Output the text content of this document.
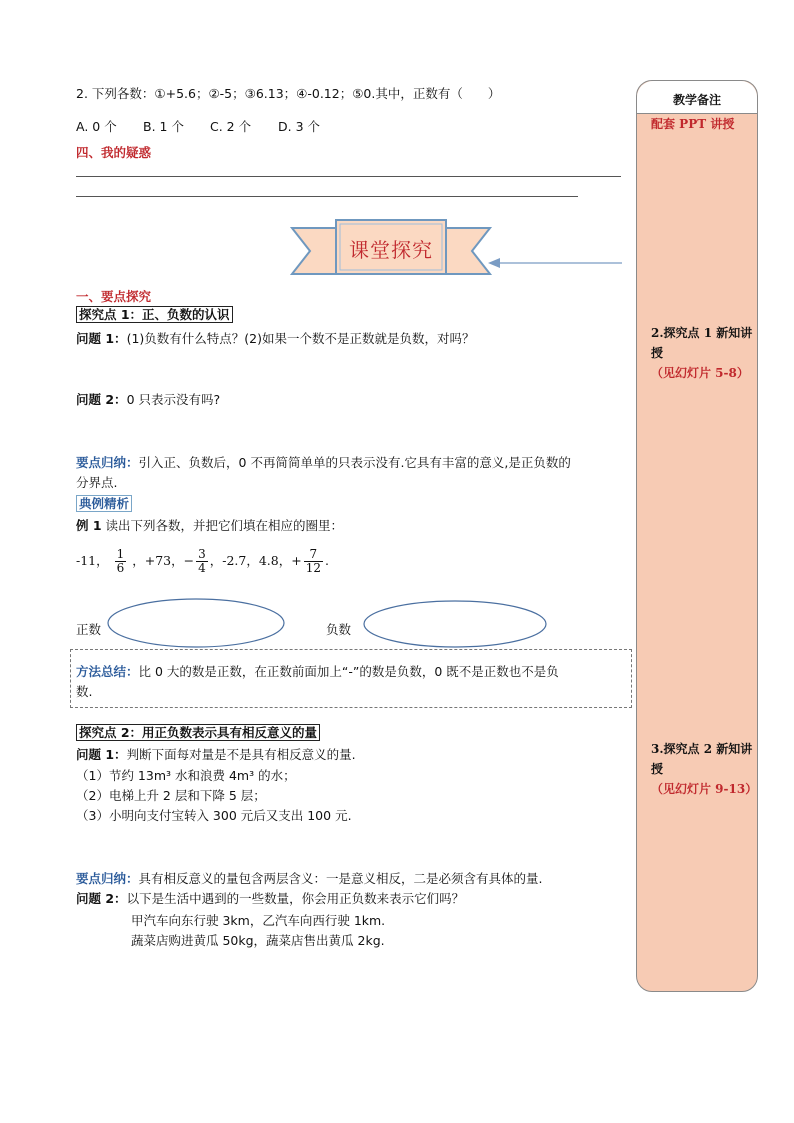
2. 下列各数：①+5.6；②-5；③6.13；④-0.12；⑤0.其中，正数有（　　）
A. 0 个 B. 1 个 C. 2 个 D. 3 个
四、我的疑惑
课堂探究
一、要点探究
探究点 1：正、负数的认识
问题 1：(1)负数有什么特点？(2)如果一个数不是正数就是负数，对吗？
问题 2：0 只表示没有吗?
要点归纳：引入正、负数后，0 不再简简单单的只表示没有.它具有丰富的意义,是正负数的
分界点.
典例精析
例 1 读出下列各数，并把它们填在相应的圈里：
-11， $\frac{1}{6}$ ，+73，− $\frac{3}{4}$ ，-2.7，4.8，+ $\frac{7}{12}$ .
正数	负数
方法总结：比 0 大的数是正数，在正数前面加上“-”的数是负数，0 既不是正数也不是负
数.
探究点 2：用正负数表示具有相反意义的量
问题 1：判断下面每对量是不是具有相反意义的量.
（1）节约 13m³ 水和浪费 4m³ 的水；
（2）电梯上升 2 层和下降 5 层；
（3）小明向支付宝转入 300 元后又支出 100 元.
要点归纳：具有相反意义的量包含两层含义：一是意义相反，二是必须含有具体的量.
问题 2：以下是生活中遇到的一些数量，你会用正负数来表示它们吗？
甲汽车向东行驶 3km，乙汽车向西行驶 1km.
蔬菜店购进黄瓜 50kg，蔬菜店售出黄瓜 2kg.
教学备注
配套 PPT 讲授
2.探究点 1 新知讲授
（见幻灯片 5-8）
3.探究点 2 新知讲授
（见幻灯片 9-13）
